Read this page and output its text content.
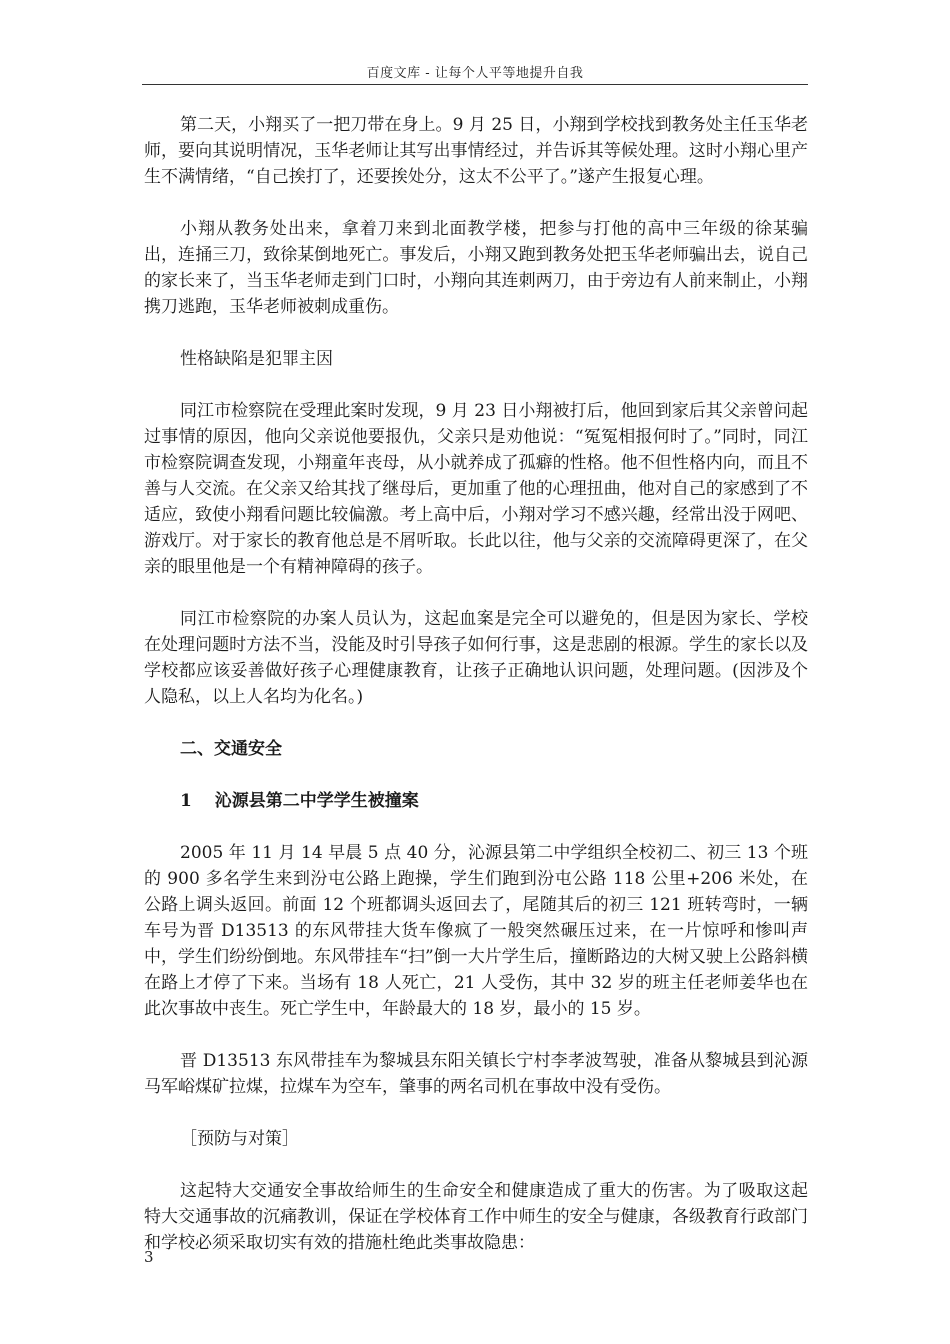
百度文库 - 让每个人平等地提升自我

第二天，小翔买了一把刀带在身上。9 月 25 日，小翔到学校找到教务处主任玉华老师，要向其说明情况，玉华老师让其写出事情经过，并告诉其等候处理。这时小翔心里产生不满情绪，“自己挨打了，还要挨处分，这太不公平了。”遂产生报复心理。

小翔从教务处出来，拿着刀来到北面教学楼，把参与打他的高中三年级的徐某骗出，连捅三刀，致徐某倒地死亡。事发后，小翔又跑到教务处把玉华老师骗出去，说自己的家长来了，当玉华老师走到门口时，小翔向其连刺两刀，由于旁边有人前来制止，小翔携刀逃跑，玉华老师被刺成重伤。

性格缺陷是犯罪主因

同江市检察院在受理此案时发现，9 月 23 日小翔被打后，他回到家后其父亲曾问起过事情的原因，他向父亲说他要报仇，父亲只是劝他说：“冤冤相报何时了。”同时，同江市检察院调查发现，小翔童年丧母，从小就养成了孤癖的性格。他不但性格内向，而且不善与人交流。在父亲又给其找了继母后，更加重了他的心理扭曲，他对自己的家感到了不适应，致使小翔看问题比较偏激。考上高中后，小翔对学习不感兴趣，经常出没于网吧、游戏厅。对于家长的教育他总是不屑听取。长此以往，他与父亲的交流障碍更深了，在父亲的眼里他是一个有精神障碍的孩子。

同江市检察院的办案人员认为，这起血案是完全可以避免的，但是因为家长、学校在处理问题时方法不当，没能及时引导孩子如何行事，这是悲剧的根源。学生的家长以及学校都应该妥善做好孩子心理健康教育，让孩子正确地认识问题，处理问题。(因涉及个人隐私，以上人名均为化名。)

二、交通安全

1　 沁源县第二中学学生被撞案

2005 年 11 月 14 早晨 5 点 40 分，沁源县第二中学组织全校初二、初三 13 个班的 900 多名学生来到汾屯公路上跑操，学生们跑到汾屯公路 118 公里+206 米处，在公路上调头返回。前面 12 个班都调头返回去了，尾随其后的初三 121 班转弯时，一辆车号为晋 D13513 的东风带挂大货车像疯了一般突然碾压过来，在一片惊呼和惨叫声中，学生们纷纷倒地。东风带挂车“扫”倒一大片学生后，撞断路边的大树又驶上公路斜横在路上才停了下来。当场有 18 人死亡，21 人受伤，其中 32 岁的班主任老师姜华也在此次事故中丧生。死亡学生中，年龄最大的 18 岁，最小的 15 岁。

晋 D13513 东风带挂车为黎城县东阳关镇长宁村李孝波驾驶，准备从黎城县到沁源马军峪煤矿拉煤，拉煤车为空车，肇事的两名司机在事故中没有受伤。

［预防与对策］

这起特大交通安全事故给师生的生命安全和健康造成了重大的伤害。为了吸取这起特大交通事故的沉痛教训，保证在学校体育工作中师生的安全与健康，各级教育行政部门和学校必须采取切实有效的措施杜绝此类事故隐患：

3
